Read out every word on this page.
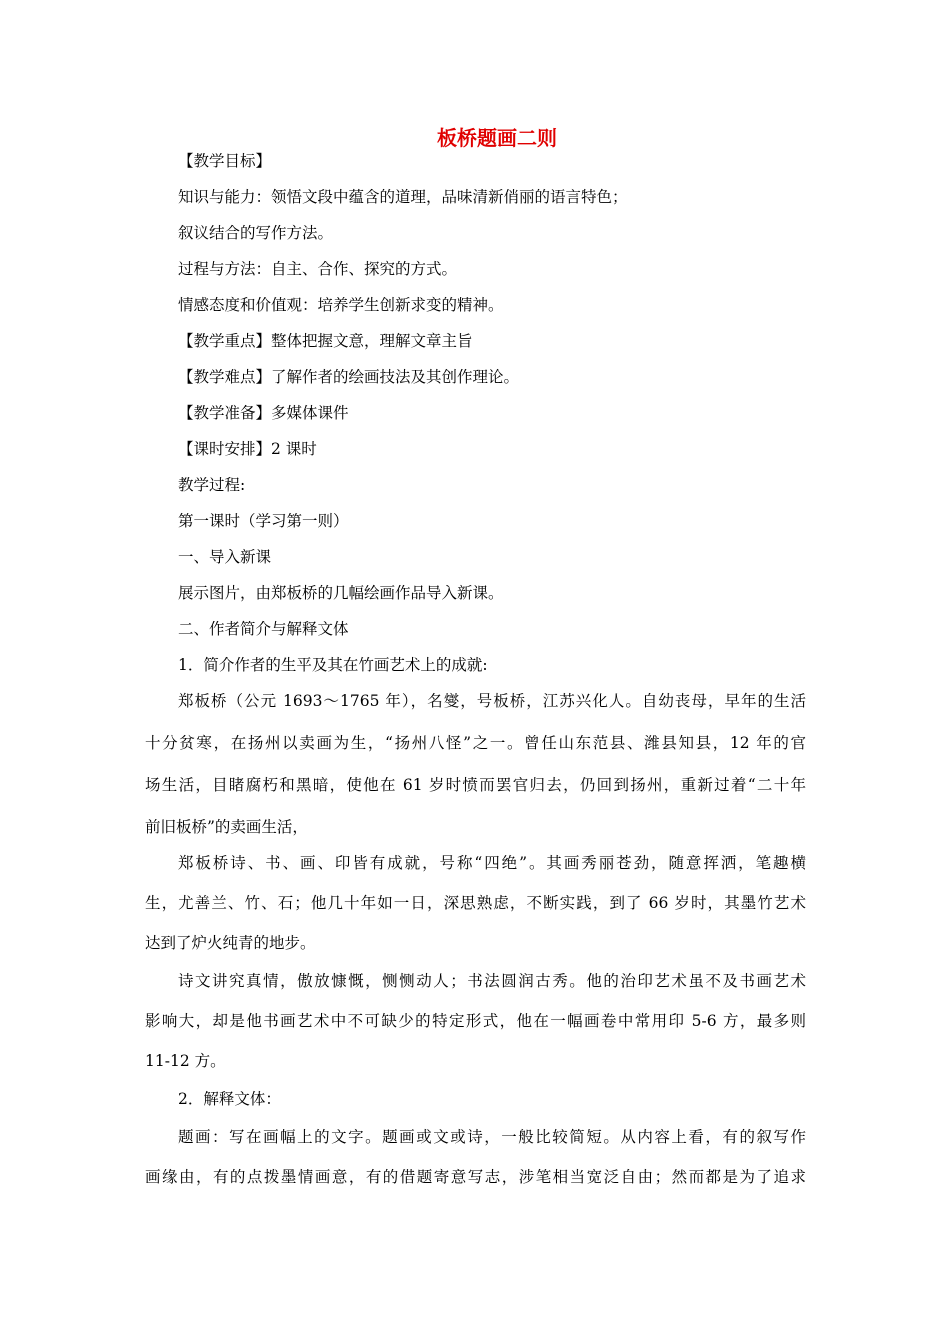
板桥题画二则

【教学目标】

知识与能力：领悟文段中蕴含的道理，品味清新俏丽的语言特色；

叙议结合的写作方法。

过程与方法：自主、合作、探究的方式。

情感态度和价值观：培养学生创新求变的精神。

【教学重点】整体把握文意，理解文章主旨

【教学难点】了解作者的绘画技法及其创作理论。

【教学准备】多媒体课件

【课时安排】2 课时

教学过程:

第一课时（学习第一则）

一、导入新课

展示图片，由郑板桥的几幅绘画作品导入新课。

二、作者简介与解释文体

1．简介作者的生平及其在竹画艺术上的成就:

郑板桥（公元 1693～1765 年），名燮，号板桥，江苏兴化人。自幼丧母，早年的生活

十分贫寒，在扬州以卖画为生，“扬州八怪”之一。曾任山东范县、潍县知县，12 年的官

场生活，目睹腐朽和黑暗，使他在 61 岁时愤而罢官归去，仍回到扬州，重新过着“二十年

前旧板桥”的卖画生活，

郑板桥诗、书、画、印皆有成就，号称“四绝”。其画秀丽苍劲，随意挥洒，笔趣横

生，尤善兰、竹、石；他几十年如一日，深思熟虑，不断实践，到了 66 岁时，其墨竹艺术

达到了炉火纯青的地步。

诗文讲究真情，傲放慷慨，恻恻动人；书法圆润古秀。他的治印艺术虽不及书画艺术

影响大，却是他书画艺术中不可缺少的特定形式，他在一幅画卷中常用印 5-6 方，最多则

11-12 方。

2．解释文体：

题画：写在画幅上的文字。题画或文或诗，一般比较简短。从内容上看，有的叙写作

画缘由，有的点拨墨情画意，有的借题寄意写志，涉笔相当宽泛自由；然而都是为了追求
